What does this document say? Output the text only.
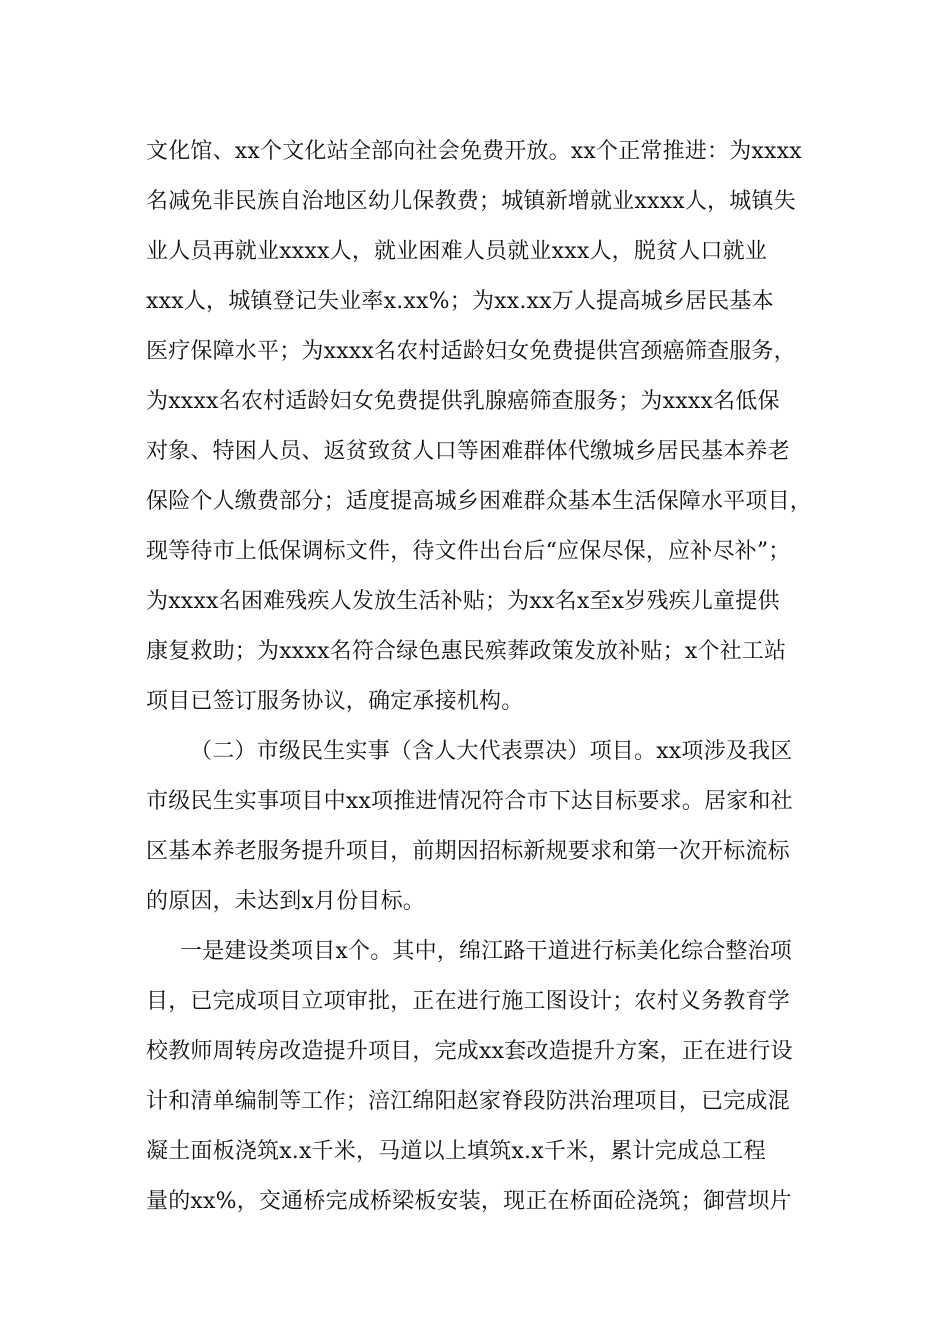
文化馆、xx个文化站全部向社会免费开放。xx个正常推进：为xxxx
名减免非民族自治地区幼儿保教费；城镇新增就业xxxx人，城镇失
业人员再就业xxxx人，就业困难人员就业xxx人，脱贫人口就业
xxx人，城镇登记失业率x.xx%；为xx.xx万人提高城乡居民基本
医疗保障水平；为xxxx名农村适龄妇女免费提供宫颈癌筛查服务，
为xxxx名农村适龄妇女免费提供乳腺癌筛查服务；为xxxx名低保
对象、特困人员、返贫致贫人口等困难群体代缴城乡居民基本养老
保险个人缴费部分；适度提高城乡困难群众基本生活保障水平项目，
现等待市上低保调标文件，待文件出台后“应保尽保，应补尽补”；
为xxxx名困难残疾人发放生活补贴；为xx名x至x岁残疾儿童提供
康复救助；为xxxx名符合绿色惠民殡葬政策发放补贴；x个社工站
项目已签订服务协议，确定承接机构。
（二）市级民生实事（含人大代表票决）项目。xx项涉及我区
市级民生实事项目中xx项推进情况符合市下达目标要求。居家和社
区基本养老服务提升项目，前期因招标新规要求和第一次开标流标
的原因，未达到x月份目标。
一是建设类项目x个。其中，绵江路干道进行标美化综合整治项
目，已完成项目立项审批，正在进行施工图设计；农村义务教育学
校教师周转房改造提升项目，完成xx套改造提升方案，正在进行设
计和清单编制等工作；涪江绵阳赵家脊段防洪治理项目，已完成混
凝土面板浇筑x.x千米，马道以上填筑x.x千米，累计完成总工程
量的xx%，交通桥完成桥梁板安装，现正在桥面砼浇筑；御营坝片
